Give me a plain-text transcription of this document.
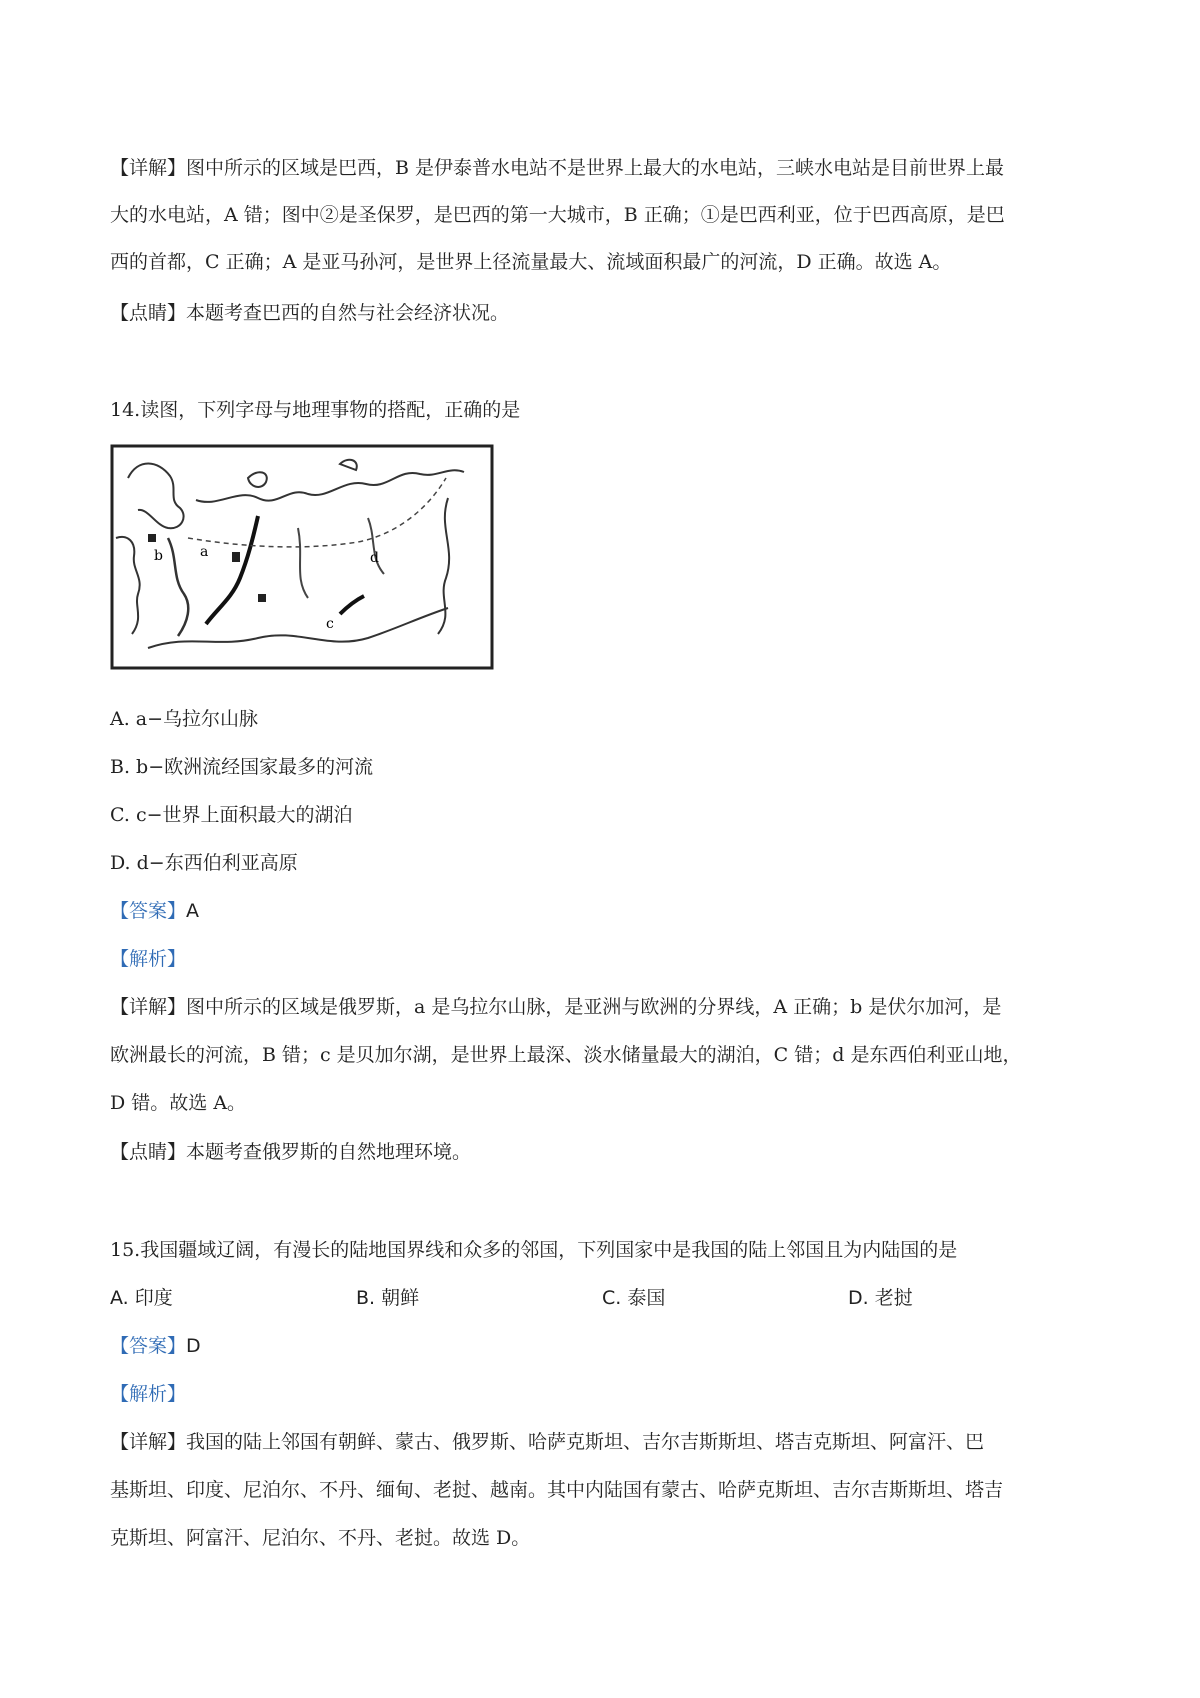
【详解】图中所示的区域是巴西，B 是伊泰普水电站不是世界上最大的水电站，三峡水电站是目前世界上最
大的水电站，A 错；图中②是圣保罗，是巴西的第一大城市，B 正确；①是巴西利亚，位于巴西高原，是巴
西的首都，C 正确；A 是亚马孙河，是世界上径流量最大、流域面积最广的河流，D 正确。故选 A。
【点睛】本题考查巴西的自然与社会经济状况。
14.读图，下列字母与地理事物的搭配，正确的是
a
b
c
d
A. a−乌拉尔山脉
B. b−欧洲流经国家最多的河流
C. c−世界上面积最大的湖泊
D. d−东西伯利亚高原
【答案】A
【解析】
【详解】图中所示的区域是俄罗斯，a 是乌拉尔山脉，是亚洲与欧洲的分界线，A 正确；b 是伏尔加河，是
欧洲最长的河流，B 错；c 是贝加尔湖，是世界上最深、淡水储量最大的湖泊，C 错；d 是东西伯利亚山地，
D 错。故选 A。
【点睛】本题考查俄罗斯的自然地理环境。
15.我国疆域辽阔，有漫长的陆地国界线和众多的邻国，下列国家中是我国的陆上邻国且为内陆国的是
A. 印度	B. 朝鲜	C. 泰国	D. 老挝
【答案】D
【解析】
【详解】我国的陆上邻国有朝鲜、蒙古、俄罗斯、哈萨克斯坦、吉尔吉斯斯坦、塔吉克斯坦、阿富汗、巴
基斯坦、印度、尼泊尔、不丹、缅甸、老挝、越南。其中内陆国有蒙古、哈萨克斯坦、吉尔吉斯斯坦、塔吉
克斯坦、阿富汗、尼泊尔、不丹、老挝。故选 D。
